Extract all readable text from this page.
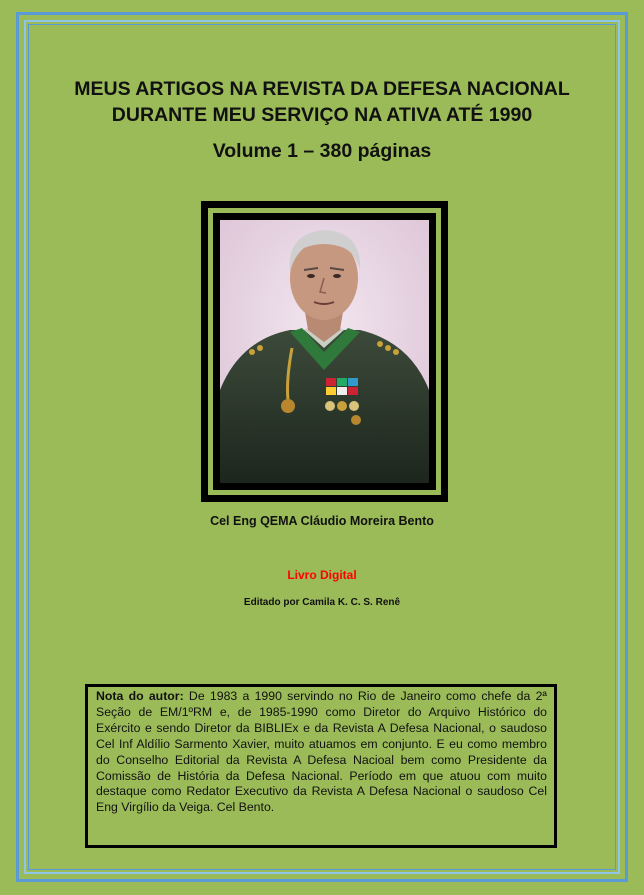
MEUS ARTIGOS NA REVISTA DA DEFESA NACIONAL
DURANTE MEU SERVIÇO NA ATIVA ATÉ 1990
Volume 1 – 380 páginas
Cel Eng QEMA Cláudio Moreira Bento
Livro Digital
Editado por Camila K. C. S. Renê
Nota do autor: De 1983 a 1990 servindo no Rio de Janeiro como chefe da 2ª Seção de EM/1ºRM e, de 1985-1990 como Diretor do Arquivo Histórico do Exército e sendo Diretor da BIBLIEx e da Revista A Defesa Nacional, o saudoso Cel Inf Aldílio Sarmento Xavier, muito atuamos em conjunto. E eu como membro do Conselho Editorial da Revista A Defesa Nacioal bem como Presidente da Comissão de História da Defesa Nacional. Período em que atuou com muito destaque como Redator Executivo da Revista A Defesa Nacional o saudoso Cel Eng Virgílio da Veiga. Cel Bento.
